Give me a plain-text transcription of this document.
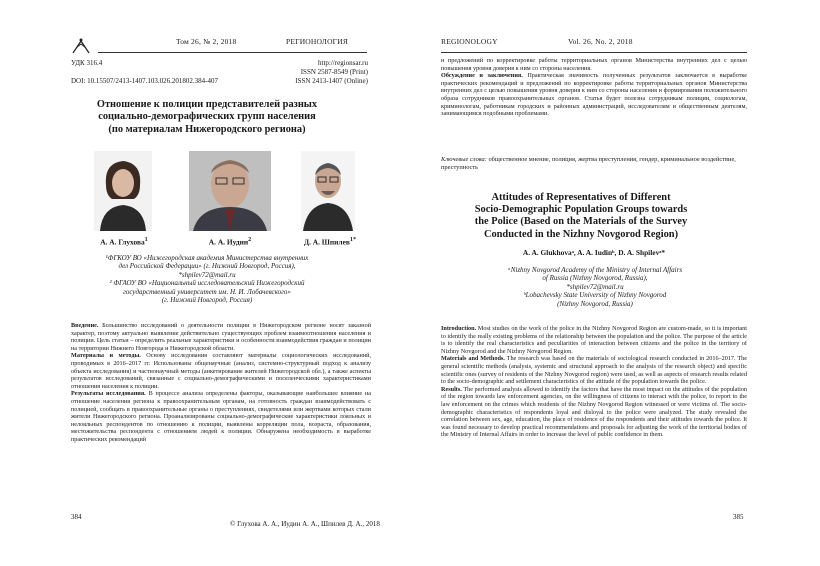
Том 26, № 2, 2018	РЕГИОНОЛОГИЯ
УДК 316.4
DOI: 10.15507/2413-1407.103.026.201802.384-407
http://regionsar.ru
ISSN 2587-8549 (Print)
ISSN 2413-1407 (Online)
Отношение к полиции представителей разных
социально-демографических групп населения
(по материалам Нижегородского региона)
А. А. Глухова$^1$	А. А. Иудин$^2$	Д. А. Шпилев$^{1*}$
¹ФГКОУ ВО «Нижегородская академия Министерства внутренних
дел Российской Федерации» (г. Нижний Новгород, Россия),
*shpilev72@mail.ru
² ФГАОУ ВО «Национальный исследовательский Нижегородский
государственный университет им. Н. И. Лобачевского»
(г. Нижний Новгород, Россия)

Введение. Большинство исследований о деятельности полиции в Нижегородском регионе носят заказной характер, поэтому актуально выявление действительно существующих проблем взаимоотношения населения и полиции. Цель статьи – определить реальные характеристики и особенности взаимодействия граждан и полиции на территории Нижнего Новгорода и Нижегородской области.

Материалы и методы. Основу исследования составляют материалы социологических исследований, проводимых в 2016–2017 гг. Использованы общенаучные (анализ, системно-структурный подход к анализу объекта исследования) и частнонаучный методы (анкетирование жителей Нижегородской обл.), а также аспекты результатов исследований, связанные с социально-демографическими и поселенческими характеристиками отношения населения к полиции.

Результаты исследования. В процессе анализа определены факторы, оказывающие наибольшее влияние на отношение населения региона к правоохранительным органам, на готовность граждан взаимодействовать с полицией, сообщать в правоохранительные органы о преступлениях, свидетелями или жертвами которых стали жители Нижегородского региона. Проанализированы социально-демографические характеристики лояльных и нелояльных респондентов по отношению к полиции, выявлены корреляции пола, возраста, образования, местожительства респондента с отношением людей к полиции. Обнаружена необходимость в выработке практических рекомендаций

© Глухова А. А., Иудин А. А., Шпилев Д. А., 2018
384
REGIONOLOGY	Vol. 26, No. 2, 2018

и предложений по корректировке работы территориальных органов Министерства внутренних дел с целью повышения уровня доверия к ним со стороны населения.

Обсуждение и заключения. Практическая значимость полученных результатов заключается в выработке практических рекомендаций и предложений по корректировке работы территориальных органов Министерства внутренних дел с целью повышения уровня доверия к ним со стороны населения и формирования положительного образа сотрудников правоохранительных органов. Статья будет полезна сотрудникам полиции, социологам, криминологам, работникам городских и районных администраций, исследователям и общественным деятелям, занимающимся подобными проблемами.

Ключевые слова: общественное мнение, полиция, жертва преступления, гендер, криминальное воздействие, преступность
Attitudes of Representatives of Different
Socio-Demographic Population Groups towards
the Police (Based on the Materials of the Survey
Conducted in the Nizhny Novgorod Region)
A. A. Glukhovaᵃ, A. A. Iudinᵇ, D. A. Shpilevᵃ*
ᵃNizhny Novgorod Academy of the Ministry of Internal Affairs
of Russia (Nizhny Novgorod, Russia),
*shpilev72@mail.ru
ᵇLobachevsky State University of Nizhny Novgorod
(Nizhny Novgorod, Russia)

Introduction. Most studies on the work of the police in the Nizhny Novgorod Region are custom-made, so it is important to identify the really existing problems of the relationship between the population and the police. The purpose of the article is to identify the real characteristics and peculiarities of interaction between citizens and the police in the territory of Nizhny Novgorod and the Nizhny Novgorod Region.

Materials and Methods. The research was based on the materials of sociological research conducted in 2016–2017. The general scientific methods (analysis, systemic and structural approach to the analysis of the research object) and specific scientific ones (survey of residents of the Nizhny Novgorod region) were used, as well as aspects of research results related to the socio-demographic and settlement characteristics of the attitude of the population towards the police.

Results. The performed analysis allowed to identify the factors that have the most impact on the attitudes of the population of the region towards law enforcement agencies, on the willingness of citizens to interact with the police, to report to the law enforcement on the crimes which residents of the Nizhny Novgorod Region witnessed or were victims of. The socio-demographic characteristics of respondents loyal and disloyal to the police were analyzed. The study revealed the correlation between sex, age, education, the place of residence of the respondents and their attitudes towards the police. It was found necessary to develop practical recommendations and proposals for adjusting the work of the territorial bodies of the Ministry of Internal Affairs in order to increase the level of public confidence in them.

385
